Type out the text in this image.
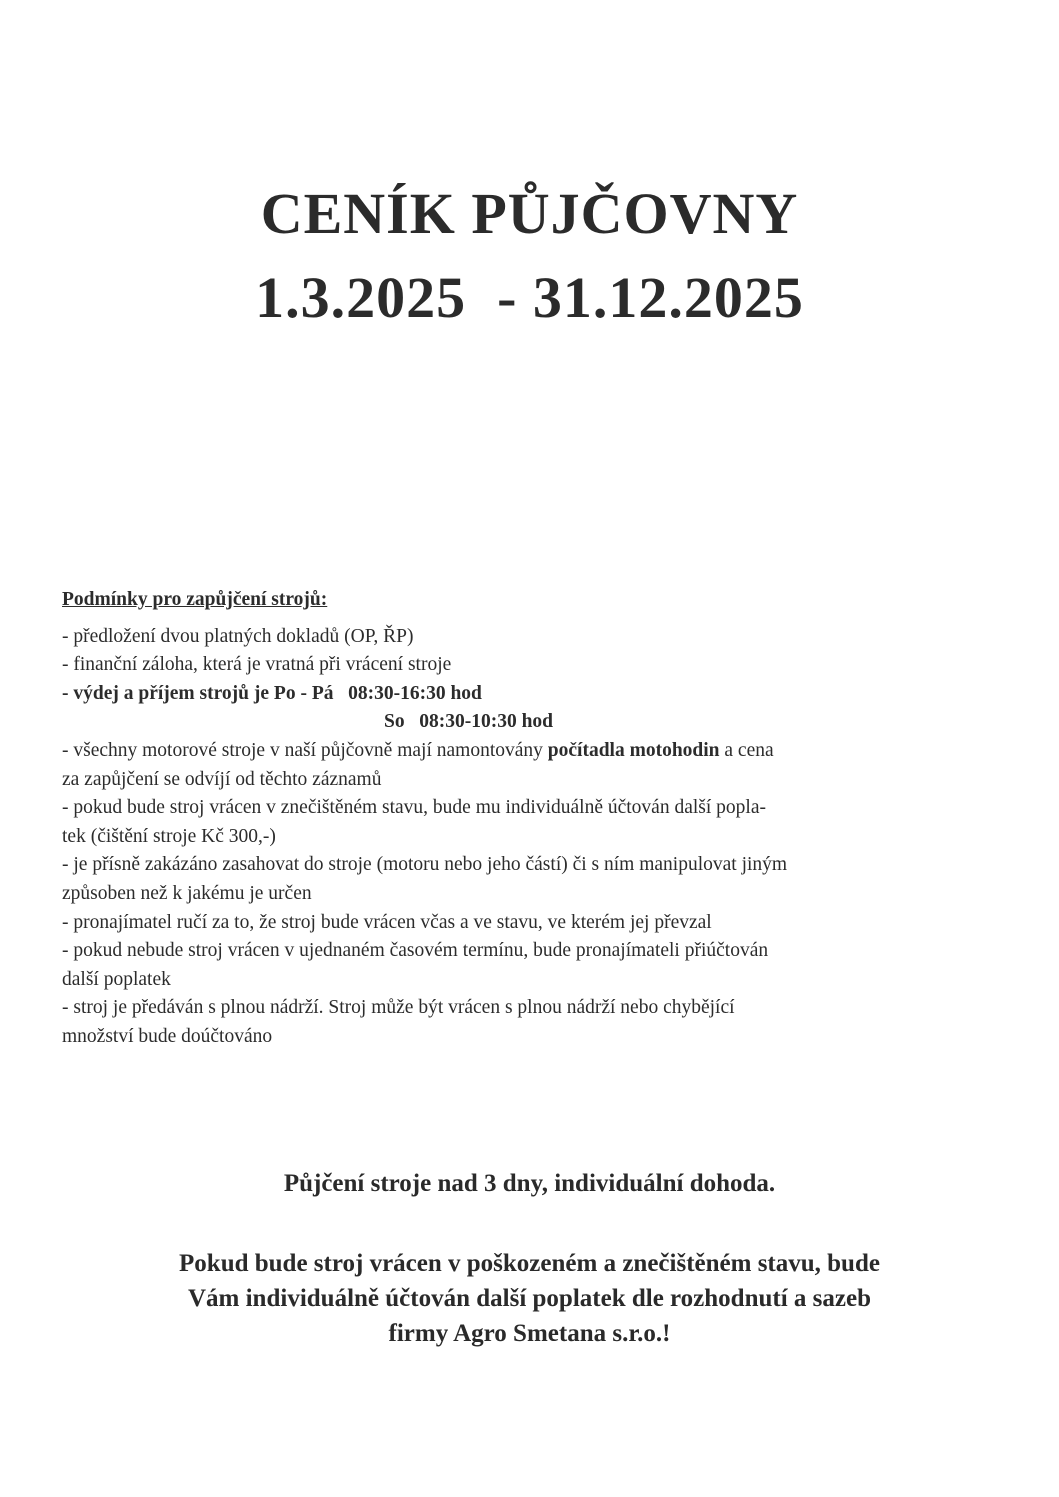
CENÍK PŮJČOVNY
1.3.2025  - 31.12.2025
Podmínky pro zapůjčení strojů:
- předložení dvou platných dokladů (OP, ŘP)
- finanční záloha, která je vratná při vrácení stroje
- výdej a příjem strojů je Po - Pá   08:30-16:30 hod
So   08:30-10:30 hod
- všechny motorové stroje v naší půjčovně mají namontovány počítadla motohodin a cena
za zapůjčení se odvíjí od těchto záznamů
- pokud bude stroj vrácen v znečištěném stavu, bude mu individuálně účtován další popla-
tek (čištění stroje Kč 300,-)
- je přísně zakázáno zasahovat do stroje (motoru nebo jeho částí) či s ním manipulovat jiným
způsoben než k jakému je určen
- pronajímatel ručí za to, že stroj bude vrácen včas a ve stavu, ve kterém jej převzal
- pokud nebude stroj vrácen v ujednaném časovém termínu, bude pronajímateli přiúčtován
další poplatek
- stroj je předáván s plnou nádrží. Stroj může být vrácen s plnou nádrží nebo chybějící
množství bude doúčtováno
Půjčení stroje nad 3 dny, individuální dohoda.
Pokud bude stroj vrácen v poškozeném a znečištěném stavu, bude
Vám individuálně účtován další poplatek dle rozhodnutí a sazeb
firmy Agro Smetana s.r.o.!
